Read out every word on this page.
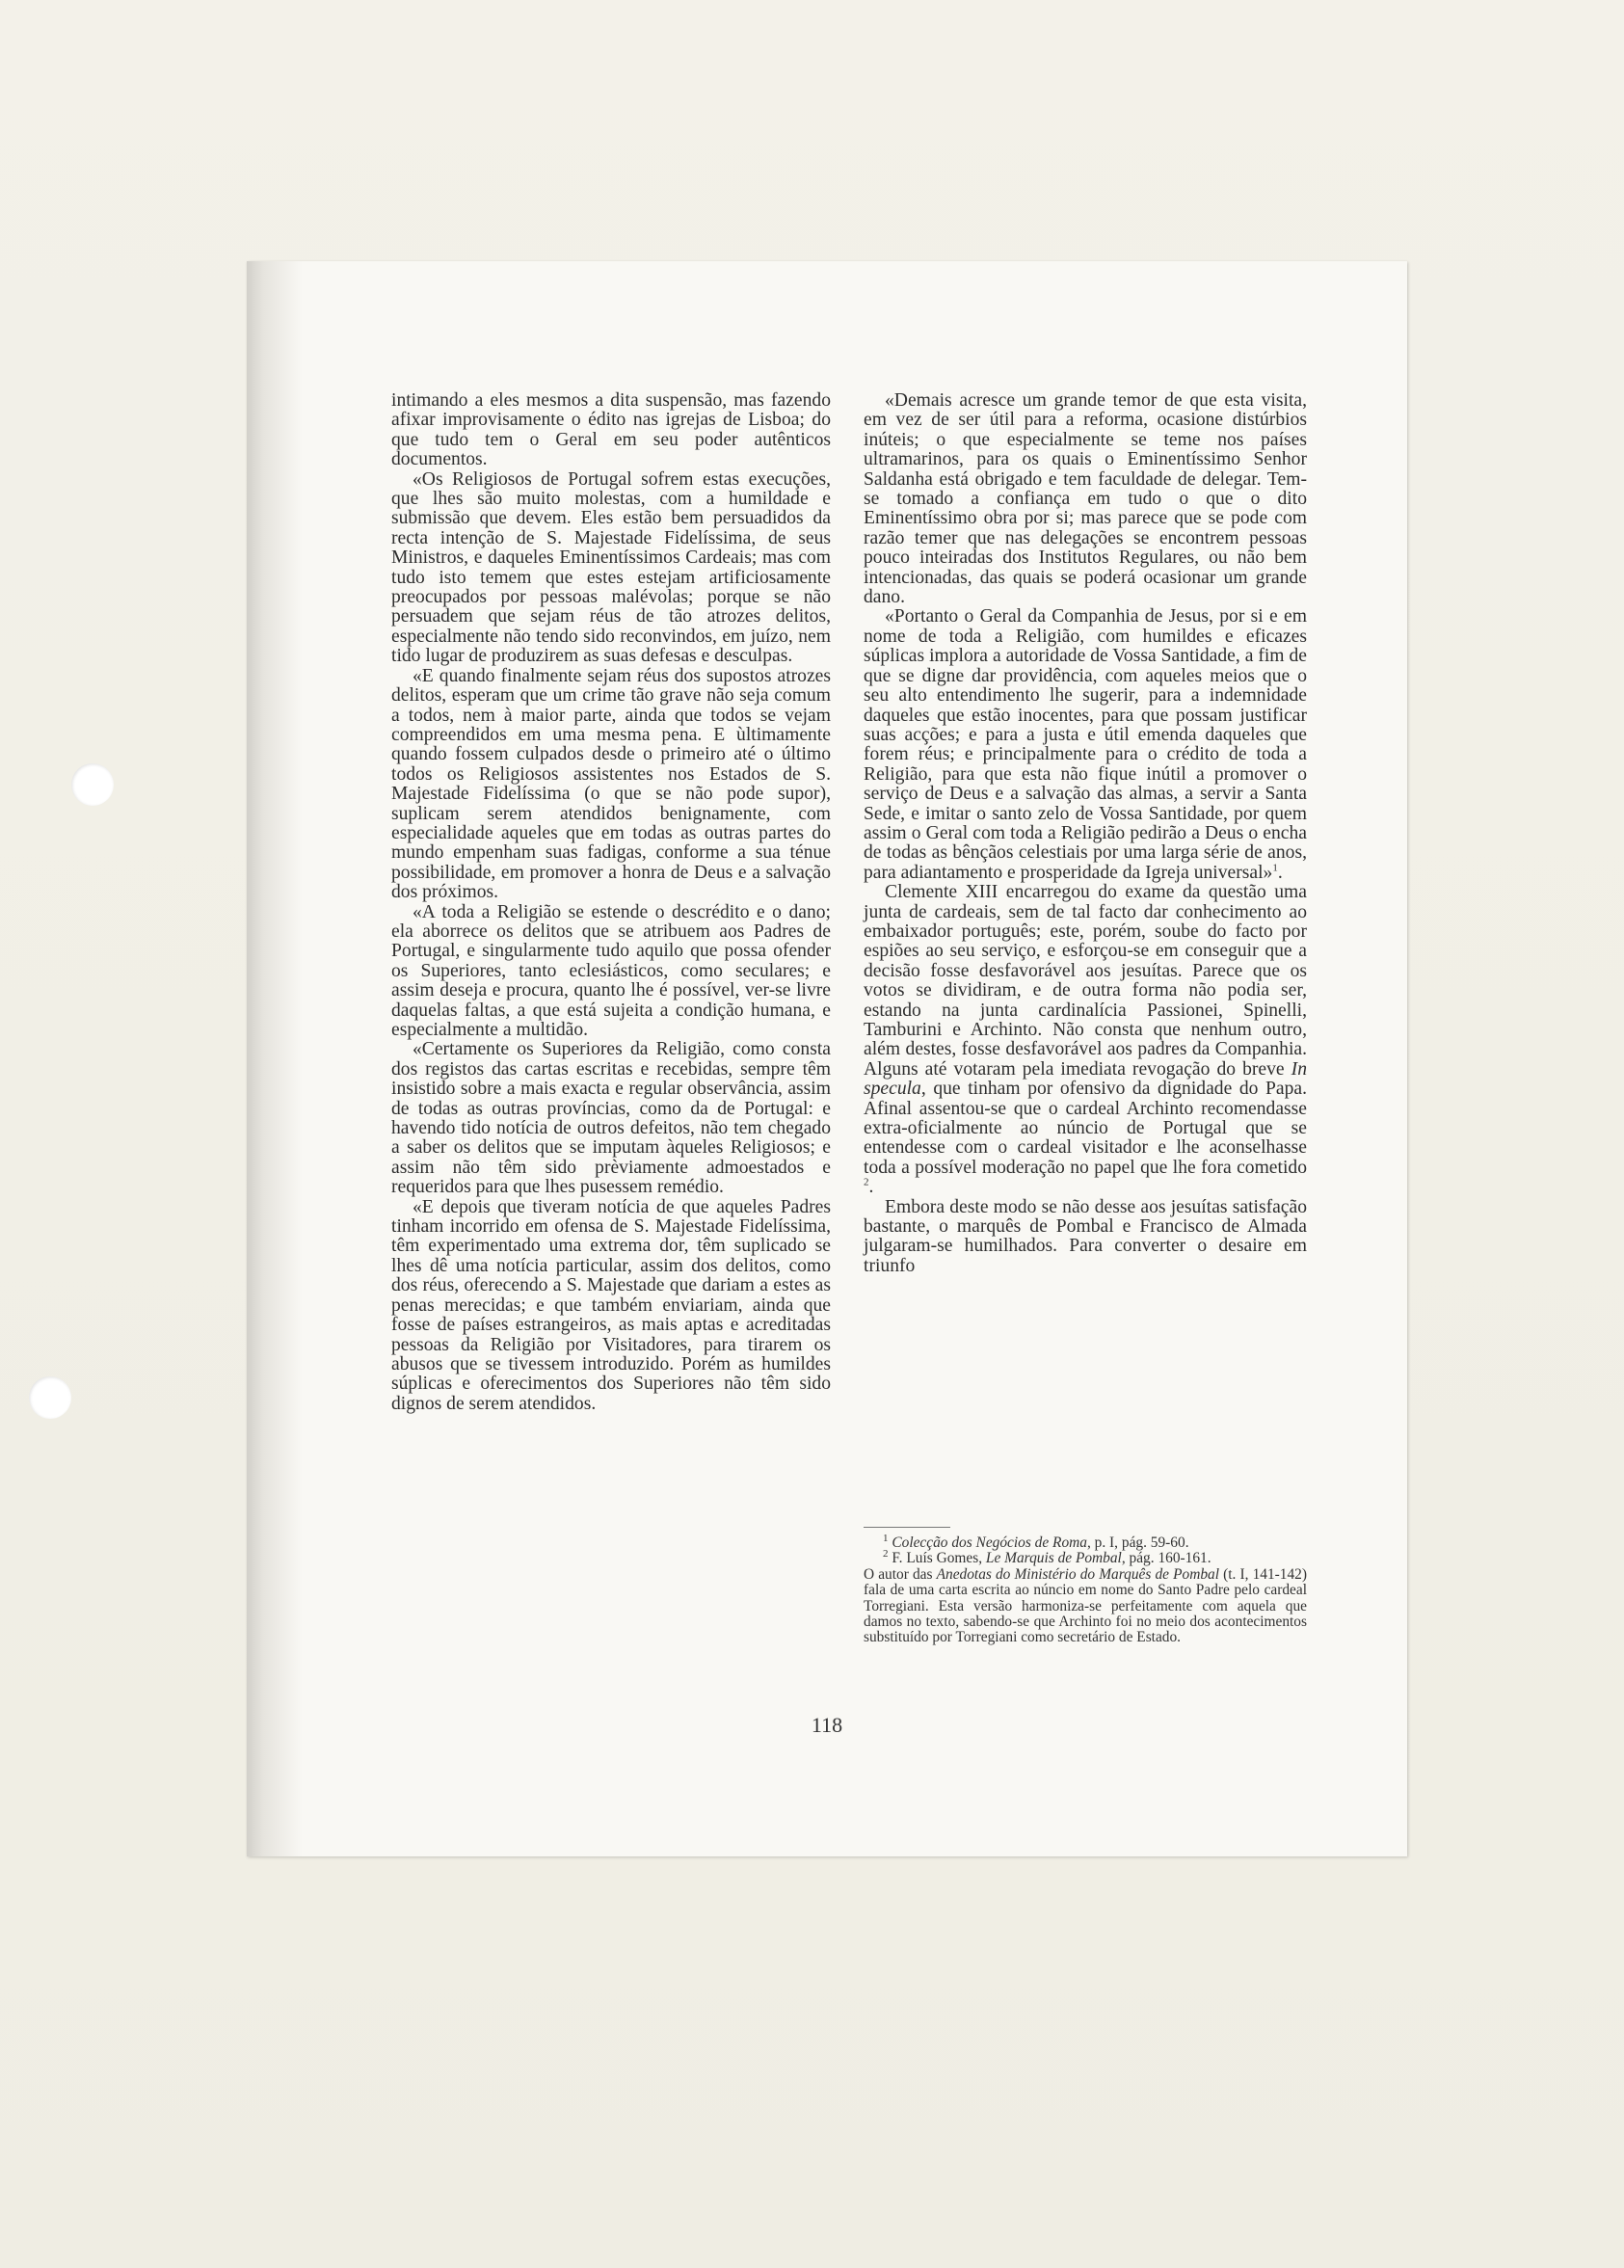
intimando a eles mesmos a dita suspensão, mas fazendo afixar improvisamente o édito nas igrejas de Lisboa; do que tudo tem o Geral em seu poder autênticos documentos.

«Os Religiosos de Portugal sofrem estas execuções, que lhes são muito molestas, com a humildade e submissão que devem. Eles estão bem persuadidos da recta intenção de S. Majestade Fidelíssima, de seus Ministros, e daqueles Eminentíssimos Cardeais; mas com tudo isto temem que estes estejam artificiosamente preocupados por pessoas malévolas; porque se não persuadem que sejam réus de tão atrozes delitos, especialmente não tendo sido reconvindos, em juízo, nem tido lugar de produzirem as suas defesas e desculpas.

«E quando finalmente sejam réus dos supostos atrozes delitos, esperam que um crime tão grave não seja comum a todos, nem à maior parte, ainda que todos se vejam compreendidos em uma mesma pena. E ùltimamente quando fossem culpados desde o primeiro até o último todos os Religiosos assistentes nos Estados de S. Majestade Fidelíssima (o que se não pode supor), suplicam serem atendidos benignamente, com especialidade aqueles que em todas as outras partes do mundo empenham suas fadigas, conforme a sua ténue possibilidade, em promover a honra de Deus e a salvação dos próximos.

«A toda a Religião se estende o descrédito e o dano; ela aborrece os delitos que se atribuem aos Padres de Portugal, e singularmente tudo aquilo que possa ofender os Superiores, tanto eclesiásticos, como seculares; e assim deseja e procura, quanto lhe é possível, ver-se livre daquelas faltas, a que está sujeita a condição humana, e especialmente a multidão.

«Certamente os Superiores da Religião, como consta dos registos das cartas escritas e recebidas, sempre têm insistido sobre a mais exacta e regular observância, assim de todas as outras províncias, como da de Portugal: e havendo tido notícia de outros defeitos, não tem chegado a saber os delitos que se imputam àqueles Religiosos; e assim não têm sido prèviamente admoestados e requeridos para que lhes pusessem remédio.

«E depois que tiveram notícia de que aqueles Padres tinham incorrido em ofensa de S. Majestade Fidelíssima, têm experimentado uma extrema dor, têm suplicado se lhes dê uma notícia particular, assim dos delitos, como dos réus, oferecendo a S. Majestade que dariam a estes as penas merecidas; e que também enviariam, ainda que fosse de países estrangeiros, as mais aptas e acreditadas pessoas da Religião por Visitadores, para tirarem os abusos que se tivessem introduzido. Porém as humildes súplicas e oferecimentos dos Superiores não têm sido dignos de serem atendidos.

«Demais acresce um grande temor de que esta visita, em vez de ser útil para a reforma, ocasione distúrbios inúteis; o que especialmente se teme nos países ultramarinos, para os quais o Eminentíssimo Senhor Saldanha está obrigado e tem faculdade de delegar. Tem-se tomado a confiança em tudo o que o dito Eminentíssimo obra por si; mas parece que se pode com razão temer que nas delegações se encontrem pessoas pouco inteiradas dos Institutos Regulares, ou não bem intencionadas, das quais se poderá ocasionar um grande dano.

«Portanto o Geral da Companhia de Jesus, por si e em nome de toda a Religião, com humildes e eficazes súplicas implora a autoridade de Vossa Santidade, a fim de que se digne dar providência, com aqueles meios que o seu alto entendimento lhe sugerir, para a indemnidade daqueles que estão inocentes, para que possam justificar suas acções; e para a justa e útil emenda daqueles que forem réus; e principalmente para o crédito de toda a Religião, para que esta não fique inútil a promover o serviço de Deus e a salvação das almas, a servir a Santa Sede, e imitar o santo zelo de Vossa Santidade, por quem assim o Geral com toda a Religião pedirão a Deus o encha de todas as bênçãos celestiais por uma larga série de anos, para adiantamento e prosperidade da Igreja universal»$^1$.

Clemente XIII encarregou do exame da questão uma junta de cardeais, sem de tal facto dar conhecimento ao embaixador português; este, porém, soube do facto por espiões ao seu serviço, e esforçou-se em conseguir que a decisão fosse desfavorável aos jesuítas. Parece que os votos se dividiram, e de outra forma não podia ser, estando na junta cardinalícia Passionei, Spinelli, Tamburini e Archinto. Não consta que nenhum outro, além destes, fosse desfavorável aos padres da Companhia. Alguns até votaram pela imediata revogação do breve In specula, que tinham por ofensivo da dignidade do Papa. Afinal assentou-se que o cardeal Archinto recomendasse extra-oficialmente ao núncio de Portugal que se entendesse com o cardeal visitador e lhe aconselhasse toda a possível moderação no papel que lhe fora cometido $^2$.

Embora deste modo se não desse aos jesuítas satisfação bastante, o marquês de Pombal e Francisco de Almada julgaram-se humilhados. Para converter o desaire em triunfo

$^1$ Colecção dos Negócios de Roma, p. I, pág. 59-60.

$^2$ F. Luís Gomes, Le Marquis de Pombal, pág. 160-161.

O autor das Anedotas do Ministério do Marquês de Pombal (t. I, 141-142) fala de uma carta escrita ao núncio em nome do Santo Padre pelo cardeal Torregiani. Esta versão harmoniza-se perfeitamente com aquela que damos no texto, sabendo-se que Archinto foi no meio dos acontecimentos substituído por Torregiani como secretário de Estado.

118
